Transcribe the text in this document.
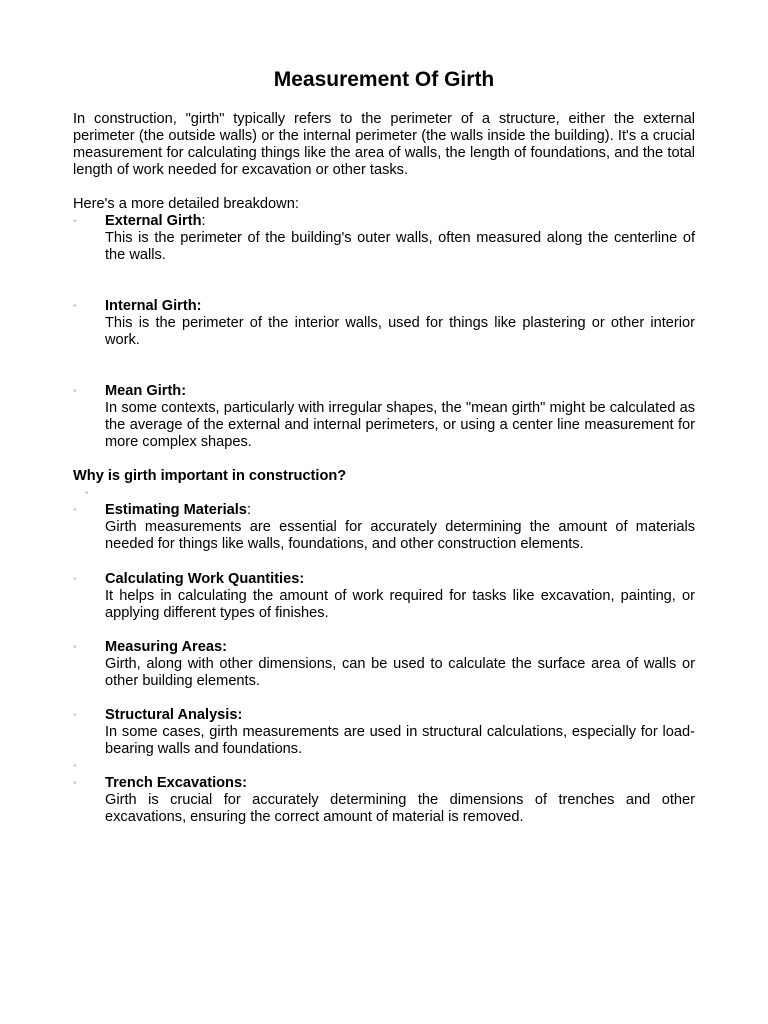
Measurement Of Girth
In construction, "girth" typically refers to the perimeter of a structure, either the external perimeter (the outside walls) or the internal perimeter (the walls inside the building). It's a crucial measurement for calculating things like the area of walls, the length of foundations, and the total length of work needed for excavation or other tasks.
Here's a more detailed breakdown:
• External Girth:
This is the perimeter of the building's outer walls, often measured along the centerline of the walls.
• Internal Girth:
This is the perimeter of the interior walls, used for things like plastering or other interior work.
• Mean Girth:
In some contexts, particularly with irregular shapes, the "mean girth" might be calculated as the average of the external and internal perimeters, or using a center line measurement for more complex shapes.
Why is girth important in construction?
•
• Estimating Materials:
Girth measurements are essential for accurately determining the amount of materials needed for things like walls, foundations, and other construction elements.
• Calculating Work Quantities:
It helps in calculating the amount of work required for tasks like excavation, painting, or applying different types of finishes.
• Measuring Areas:
Girth, along with other dimensions, can be used to calculate the surface area of walls or other building elements.
• Structural Analysis:
In some cases, girth measurements are used in structural calculations, especially for load-bearing walls and foundations.
•
• Trench Excavations:
Girth is crucial for accurately determining the dimensions of trenches and other excavations, ensuring the correct amount of material is removed.
